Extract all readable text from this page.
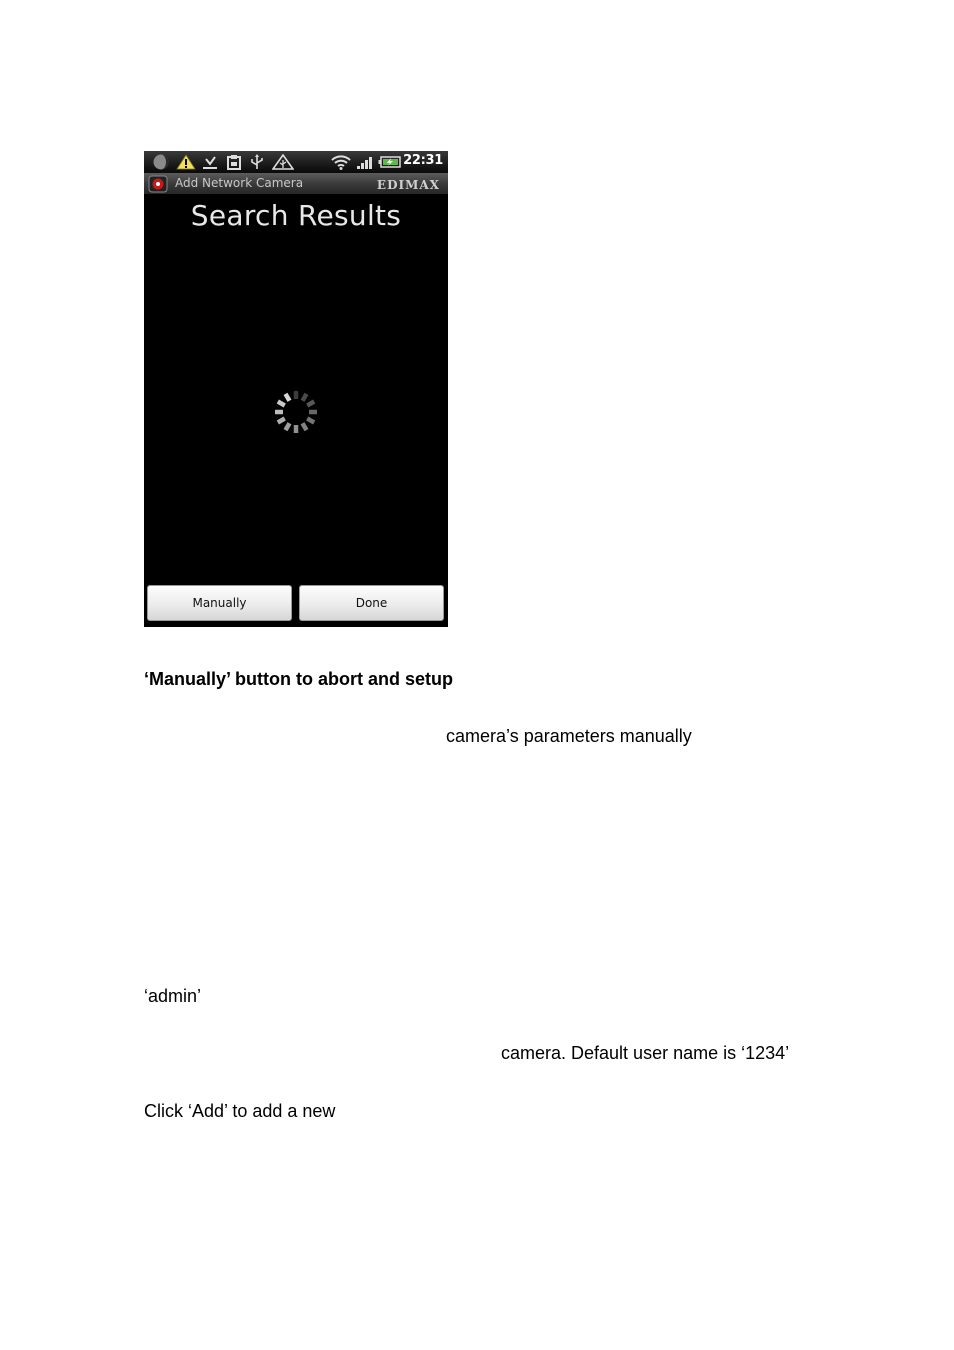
22:31
Add Network Camera	EDIMAX
Search Results
Manually	Done
‘Manually’ button to abort and setup
camera’s parameters manually
‘admin’
camera. Default user name is ‘1234’
Click ‘Add’ to add a new
